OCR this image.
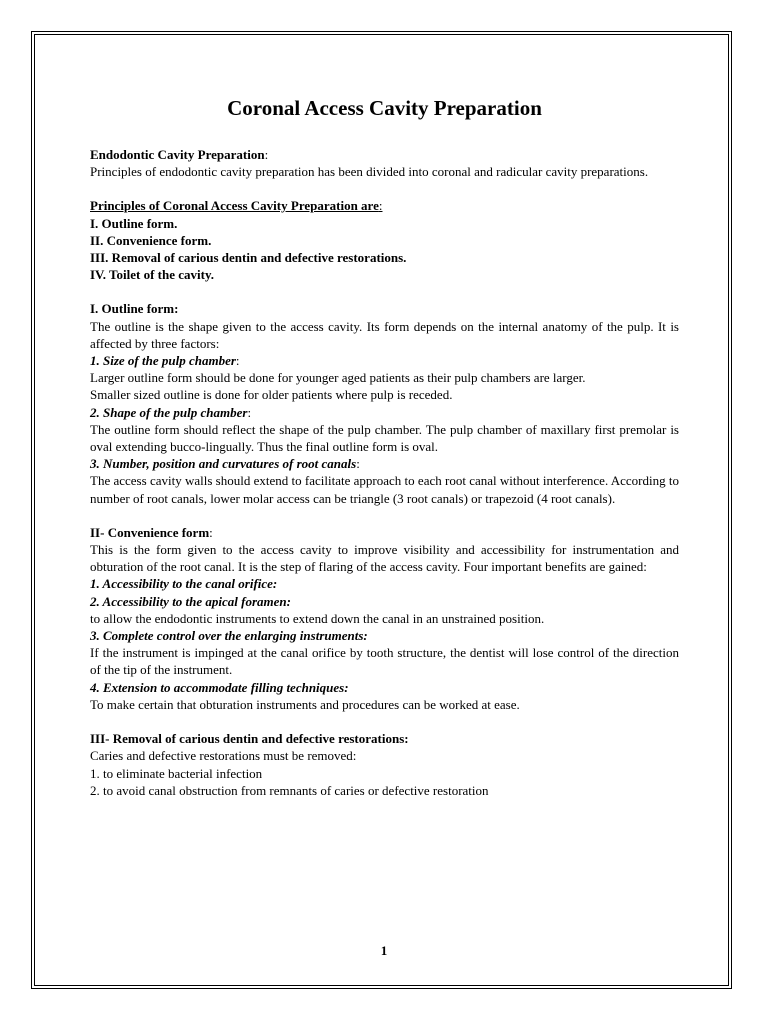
Coronal Access Cavity Preparation

Endodontic Cavity Preparation:

Principles of endodontic cavity preparation has been divided into coronal and radicular cavity preparations.

Principles of Coronal Access Cavity Preparation are:

I. Outline form.

II. Convenience form.

III. Removal of carious dentin and defective restorations.

IV. Toilet of the cavity.

I. Outline form:

The outline is the shape given to the access cavity. Its form depends on the internal anatomy of the pulp. It is affected by three factors:

1. Size of the pulp chamber:

Larger outline form should be done for younger aged patients as their pulp chambers are larger.

Smaller sized outline is done for older patients where pulp is receded.

2. Shape of the pulp chamber:

The outline form should reflect the shape of the pulp chamber. The pulp chamber of maxillary first premolar is oval extending bucco-lingually. Thus the final outline form is oval.

3. Number, position and curvatures of root canals:

The access cavity walls should extend to facilitate approach to each root canal without interference. According to number of root canals, lower molar access can be triangle (3 root canals) or trapezoid (4 root canals).

II- Convenience form:

This is the form given to the access cavity to improve visibility and accessibility for instrumentation and obturation of the root canal. It is the step of flaring of the access cavity. Four important benefits are gained:

1. Accessibility to the canal orifice:

2. Accessibility to the apical foramen:

to allow the endodontic instruments to extend down the canal in an unstrained position.

3. Complete control over the enlarging instruments:

If the instrument is impinged at the canal orifice by tooth structure, the dentist will lose control of the direction of the tip of the instrument.

4. Extension to accommodate filling techniques:

To make certain that obturation instruments and procedures can be worked at ease.

III- Removal of carious dentin and defective restorations:

Caries and defective restorations must be removed:

1. to eliminate bacterial infection

2. to avoid canal obstruction from remnants of caries or defective restoration

1
